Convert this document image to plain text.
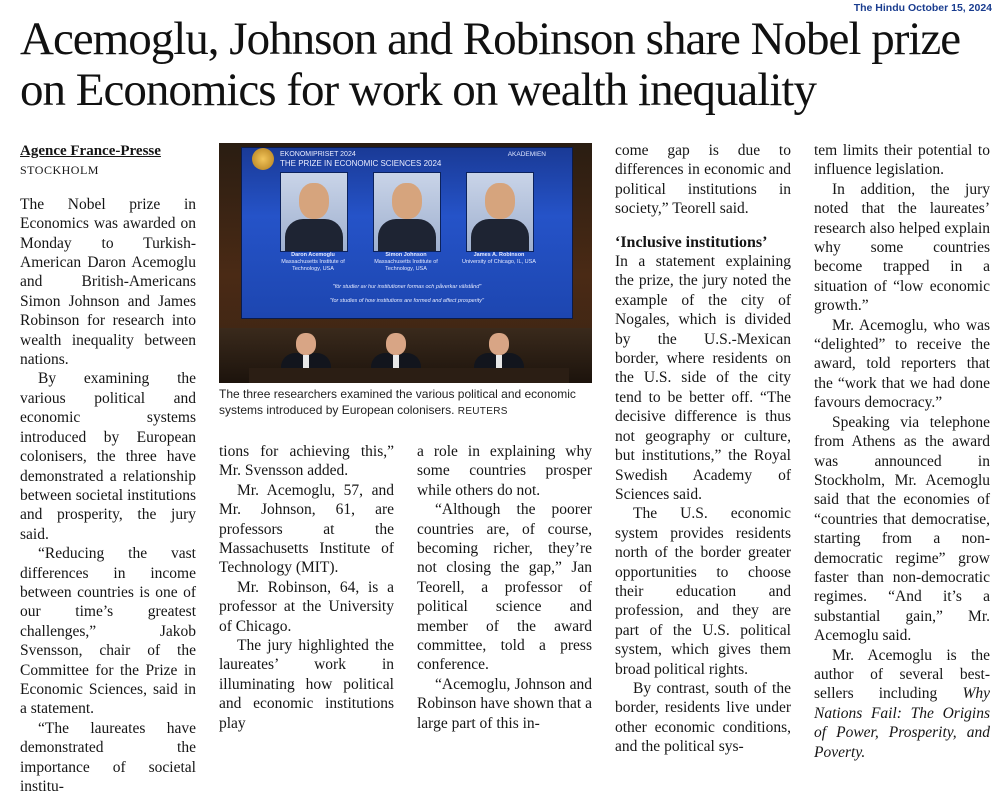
The Hindu October 15, 2024
Acemoglu, Johnson and Robinson share Nobel prize on Economics for work on wealth inequality
Agence France-Presse

STOCKHOLM

The Nobel prize in Economics was awarded on Monday to Turkish-American Daron Acemoglu and British-Americans Simon Johnson and James Robinson for research into wealth inequality between nations.

By examining the various political and economic systems introduced by European colonisers, the three have demonstrated a relationship between societal institutions and prosperity, the jury said.

“Reducing the vast differences in income between countries is one of our time’s greatest challenges,” Jakob Svensson, chair of the Committee for the Prize in Economic Sciences, said in a statement.

“The laureates have demonstrated the importance of societal institu-

EKONOMIPRISET 2024
THE PRIZE IN ECONOMIC SCIENCES 2024
AKADEMIEN
Daron Acemoglu
Massachusetts Institute of Technology, USA
Simon Johnson
Massachusetts Institute of Technology, USA
James A. Robinson
University of Chicago, IL, USA
"för studier av hur institutioner formas och påverkar välstånd"
"for studies of how institutions are formed and affect prosperity"
The three researchers examined the various political and economic systems introduced by European colonisers. REUTERS

tions for achieving this,” Mr. Svensson added.

Mr. Acemoglu, 57, and Mr. Johnson, 61, are professors at the Massachusetts Institute of Technology (MIT).

Mr. Robinson, 64, is a professor at the University of Chicago.

The jury highlighted the laureates’ work in illuminating how political and economic institutions play

a role in explaining why some countries prosper while others do not.

“Although the poorer countries are, of course, becoming richer, they’re not closing the gap,” Jan Teorell, a professor of political science and member of the award committee, told a press conference.

“Acemoglu, Johnson and Robinson have shown that a large part of this in-

come gap is due to differences in economic and political institutions in society,” Teorell said.

‘Inclusive institutions’

In a statement explaining the prize, the jury noted the example of the city of Nogales, which is divided by the U.S.-Mexican border, where residents on the U.S. side of the city tend to be better off. “The decisive difference is thus not geography or culture, but institutions,” the Royal Swedish Academy of Sciences said.

The U.S. economic system provides residents north of the border greater opportunities to choose their education and profession, and they are part of the U.S. political system, which gives them broad political rights.

By contrast, south of the border, residents live under other economic conditions, and the political sys-

tem limits their potential to influence legislation.

In addition, the jury noted that the laureates’ research also helped explain why some countries become trapped in a situation of “low economic growth.”

Mr. Acemoglu, who was “delighted” to receive the award, told reporters that the “work that we had done favours democracy.”

Speaking via telephone from Athens as the award was announced in Stockholm, Mr. Acemoglu said that the economies of “countries that democratise, starting from a non-democratic regime” grow faster than non-democratic regimes. “And it’s a substantial gain,” Mr. Acemoglu said.

Mr. Acemoglu is the author of several best-sellers including Why Nations Fail: The Origins of Power, Prosperity, and Poverty.
